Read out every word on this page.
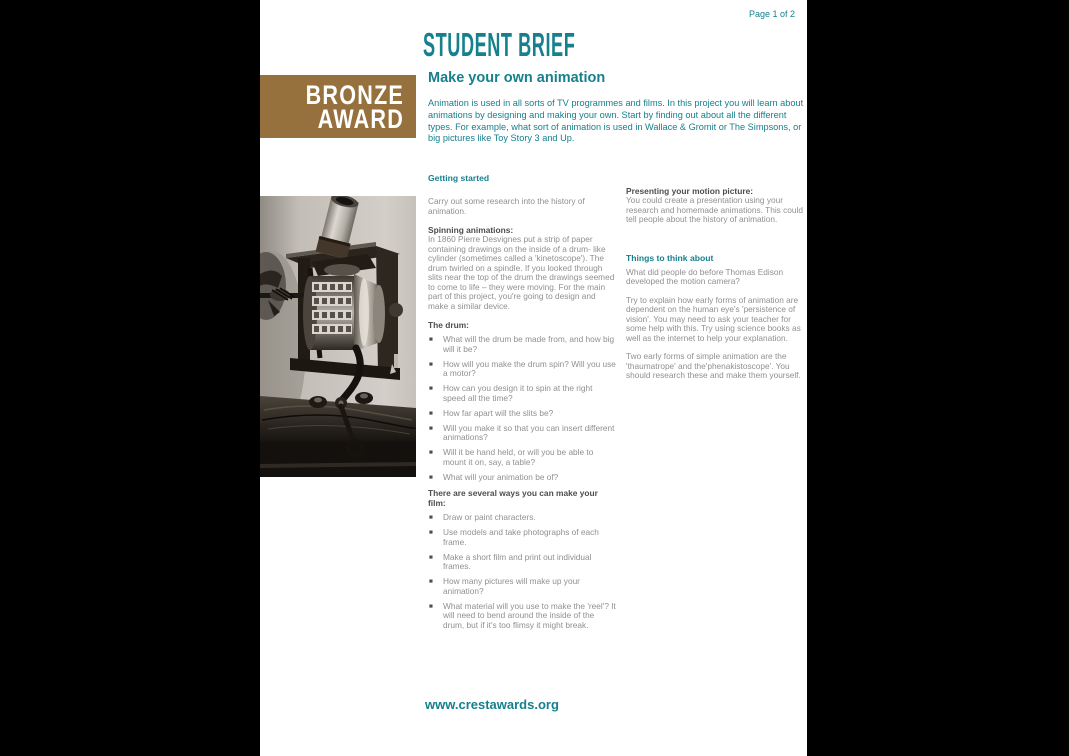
Page 1 of 2
STUDENT BRIEF
BRONZE
AWARD
Make your own animation

Animation is used in all sorts of TV programmes and films. In this project you will learn about animations by designing and making your own. Start by finding out about all the different types. For example, what sort of animation is used in Wallace & Gromit or The Simpsons, or big pictures like Toy Story 3 and Up.

Getting started

Carry out some research into the history of animation.

Spinning animations:

In 1860 Pierre Desvignes put a strip of paper containing drawings on the inside of a drum- like cylinder (sometimes called a 'kinetoscope'). The drum twirled on a spindle. If you looked through slits near the top of the drum the drawings seemed to come to life – they were moving. For the main part of this project, you're going to design and make a similar device.

The drum:
■ What will the drum be made from, and how big will it be?
■ How will you make the drum spin? Will you use a motor?
■ How can you design it to spin at the right speed all the time?
■ How far apart will the slits be?
■ Will you make it so that you can insert different animations?
■ Will it be hand held, or will you be able to mount it on, say, a table?
■ What will your animation be of?
There are several ways you can make your film:
■ Draw or paint characters.
■ Use models and take photographs of each frame.
■ Make a short film and print out individual frames.
■ How many pictures will make up your animation?
■ What material will you use to make the 'reel'? It will need to bend around the inside of the drum, but if it's too flimsy it might break.
Presenting your motion picture:

You could create a presentation using your research and homemade animations. This could tell people about the history of animation.

Things to think about

What did people do before Thomas Edison developed the motion camera?

Try to explain how early forms of animation are dependent on the human eye's 'persistence of vision'. You may need to ask your teacher for some help with this. Try using science books as well as the internet to help your explanation.

Two early forms of simple animation are the 'thaumatrope' and the'phenakistoscope'. You should research these and make them yourself.

www.crestawards.org
